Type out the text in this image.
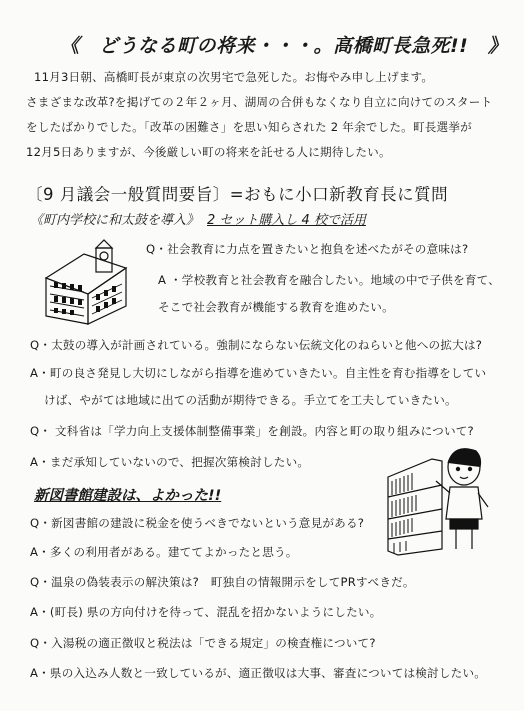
《　どうなる町の将来・・・。高橋町長急死!!　》
11月3日朝、高橋町長が東京の次男宅で急死した。お悔やみ申し上げます。
さまざまな改革?を掲げての２年２ヶ月、湖周の合併もなくなり自立に向けてのスタート
をしたばかりでした。「改革の困難さ」を思い知らされた 2 年余でした。町長選挙が
12月5日ありますが、今後厳しい町の将来を託せる人に期待したい。
〔9 月議会一般質問要旨〕=おもに小口新教育長に質問
《町内学校に和太鼓を導入》 2 セット購入し 4 校で活用
Q・社会教育に力点を置きたいと抱負を述べたがその意味は?
A ・学校教育と社会教育を融合したい。地域の中で子供を育て、
そこで社会教育が機能する教育を進めたい。
Q・太鼓の導入が計画されている。強制にならない伝統文化のねらいと他への拡大は?
A・町の良さ発見し大切にしながら指導を進めていきたい。自主性を育む指導をしてい
けば、やがては地域に出ての活動が期待できる。手立てを工夫していきたい。
Q・ 文科省は「学力向上支援体制整備事業」を創設。内容と町の取り組みについて?
A・まだ承知していないので、把握次第検討したい。
新図書館建設は、よかった!!
Q・新図書館の建設に税金を使うべきでないという意見がある?
A・多くの利用者がある。建ててよかったと思う。
Q・温泉の偽装表示の解決策は?　町独自の情報開示をしてPRすべきだ。
A・(町長) 県の方向付けを待って、混乱を招かないようにしたい。
Q・入湯税の適正徴収と税法は「できる規定」の検査権について?
A・県の入込み人数と一致しているが、適正徴収は大事、審査については検討したい。
